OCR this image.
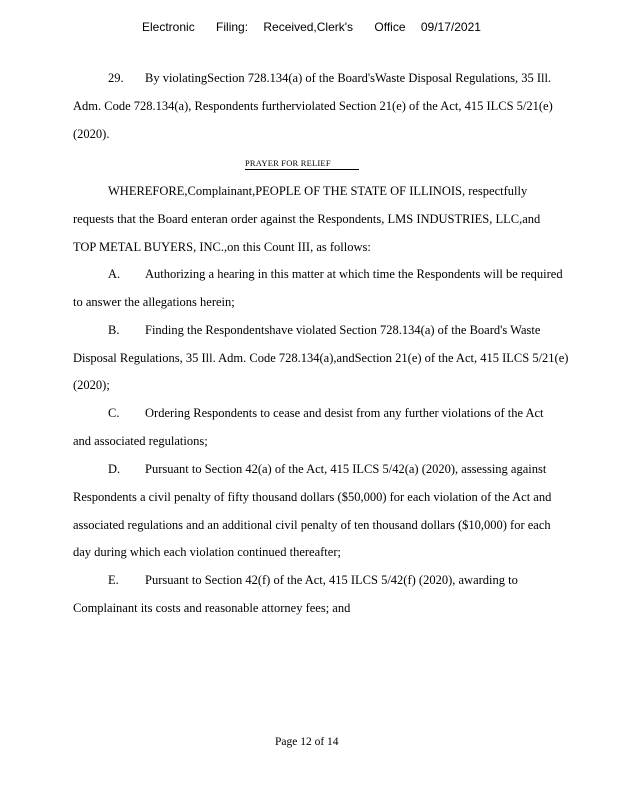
Electronic Filing: Received,Clerk's Office 09/17/2021
29. By violatingSection 728.134(a) of the Board'sWaste Disposal Regulations, 35 Ill.
Adm. Code 728.134(a), Respondents furtherviolated Section 21(e) of the Act, 415 ILCS 5/21(e)
(2020).
PRAYER FOR RELIEF
WHEREFORE,Complainant,PEOPLE OF THE STATE OF ILLINOIS, respectfully
requests that the Board enteran order against the Respondents, LMS INDUSTRIES, LLC,and
TOP METAL BUYERS, INC.,on this Count III, as follows:
A. Authorizing a hearing in this matter at which time the Respondents will be required
to answer the allegations herein;
B. Finding the Respondentshave violated Section 728.134(a) of the Board's Waste
Disposal Regulations, 35 Ill. Adm. Code 728.134(a),andSection 21(e) of the Act, 415 ILCS 5/21(e)
(2020);
C. Ordering Respondents to cease and desist from any further violations of the Act
and associated regulations;
D. Pursuant to Section 42(a) of the Act, 415 ILCS 5/42(a) (2020), assessing against
Respondents a civil penalty of fifty thousand dollars ($50,000) for each violation of the Act and
associated regulations and an additional civil penalty of ten thousand dollars ($10,000) for each
day during which each violation continued thereafter;
E. Pursuant to Section 42(f) of the Act, 415 ILCS 5/42(f) (2020), awarding to
Complainant its costs and reasonable attorney fees; and
Page 12 of 14
